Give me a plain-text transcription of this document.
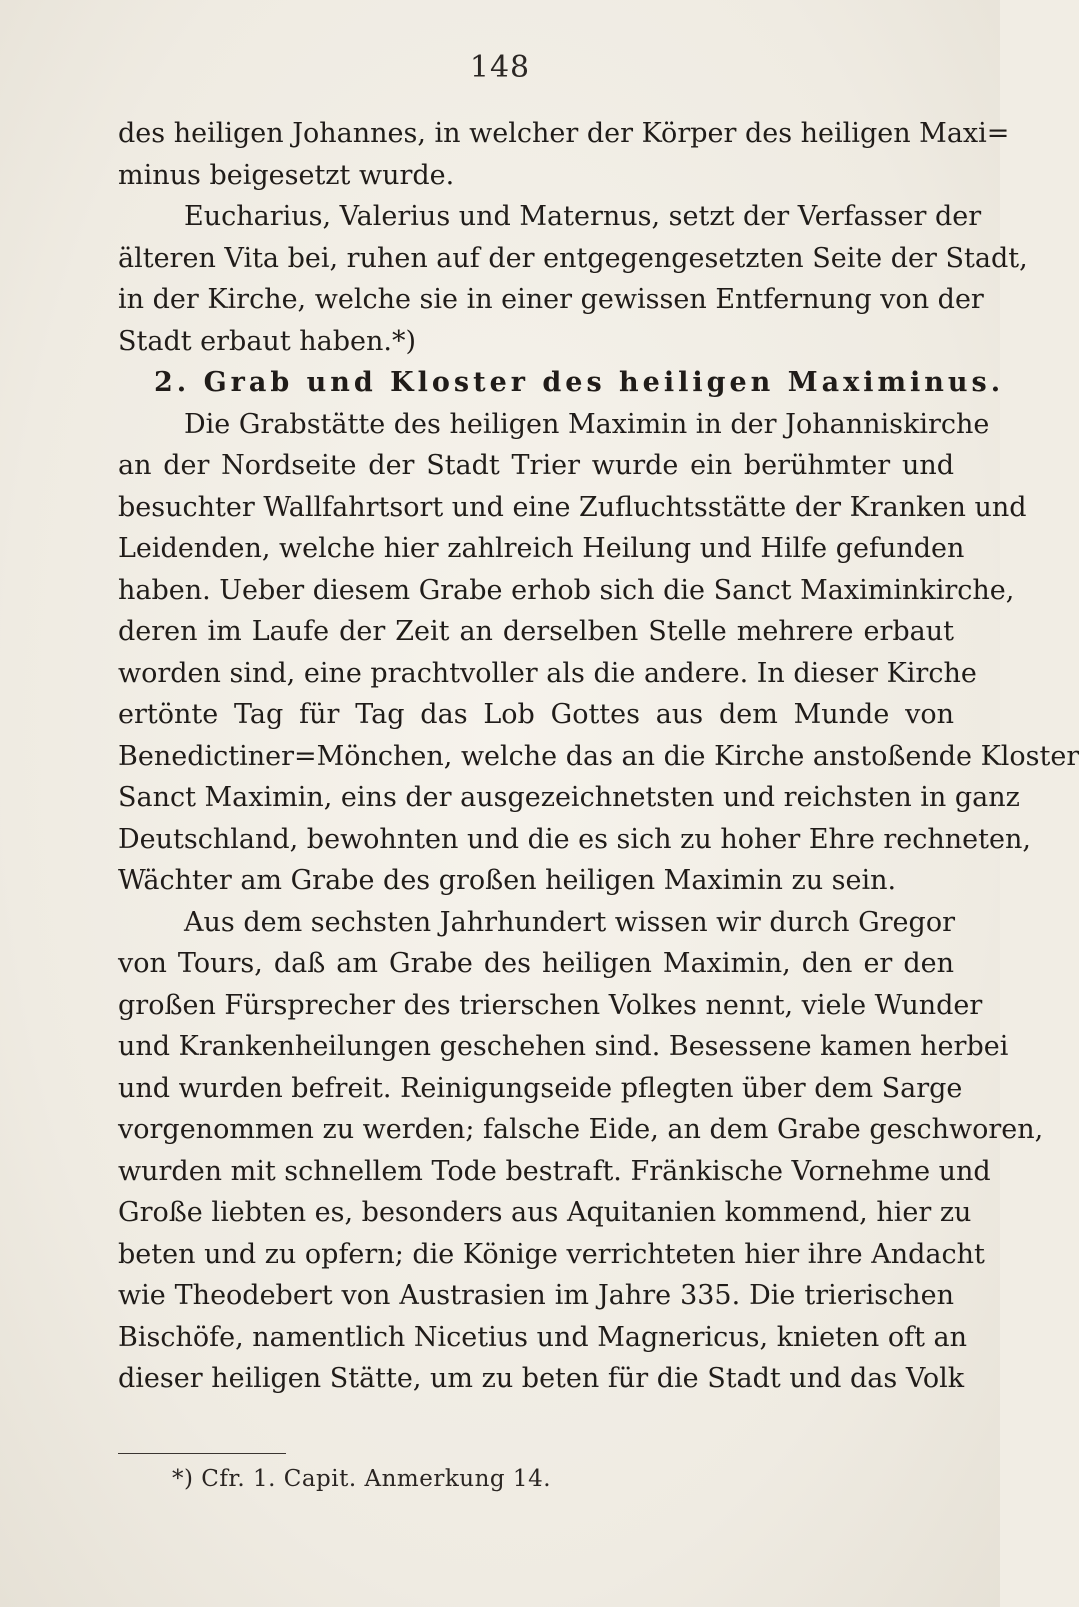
148
des heiligen Johannes, in welcher der Körper des heiligen Maxi=
minus beigesetzt wurde.
Eucharius, Valerius und Maternus, setzt der Verfasser der
älteren Vita bei, ruhen auf der entgegengesetzten Seite der Stadt,
in der Kirche, welche sie in einer gewissen Entfernung von der
Stadt erbaut haben.*)
2. Grab und Kloster des heiligen Maximinus.
Die Grabstätte des heiligen Maximin in der Johanniskirche
an der Nordseite der Stadt Trier wurde ein berühmter und
besuchter Wallfahrtsort und eine Zufluchtsstätte der Kranken und
Leidenden, welche hier zahlreich Heilung und Hilfe gefunden
haben. Ueber diesem Grabe erhob sich die Sanct Maximinkirche,
deren im Laufe der Zeit an derselben Stelle mehrere erbaut
worden sind, eine prachtvoller als die andere. In dieser Kirche
ertönte Tag für Tag das Lob Gottes aus dem Munde von
Benedictiner=Mönchen, welche das an die Kirche anstoßende Kloster
Sanct Maximin, eins der ausgezeichnetsten und reichsten in ganz
Deutschland, bewohnten und die es sich zu hoher Ehre rechneten,
Wächter am Grabe des großen heiligen Maximin zu sein.
Aus dem sechsten Jahrhundert wissen wir durch Gregor
von Tours, daß am Grabe des heiligen Maximin, den er den
großen Fürsprecher des trierschen Volkes nennt, viele Wunder
und Krankenheilungen geschehen sind. Besessene kamen herbei
und wurden befreit. Reinigungseide pflegten über dem Sarge
vorgenommen zu werden; falsche Eide, an dem Grabe geschworen,
wurden mit schnellem Tode bestraft. Fränkische Vornehme und
Große liebten es, besonders aus Aquitanien kommend, hier zu
beten und zu opfern; die Könige verrichteten hier ihre Andacht
wie Theodebert von Austrasien im Jahre 335. Die trierischen
Bischöfe, namentlich Nicetius und Magnericus, knieten oft an
dieser heiligen Stätte, um zu beten für die Stadt und das Volk
*) Cfr. 1. Capit. Anmerkung 14.
